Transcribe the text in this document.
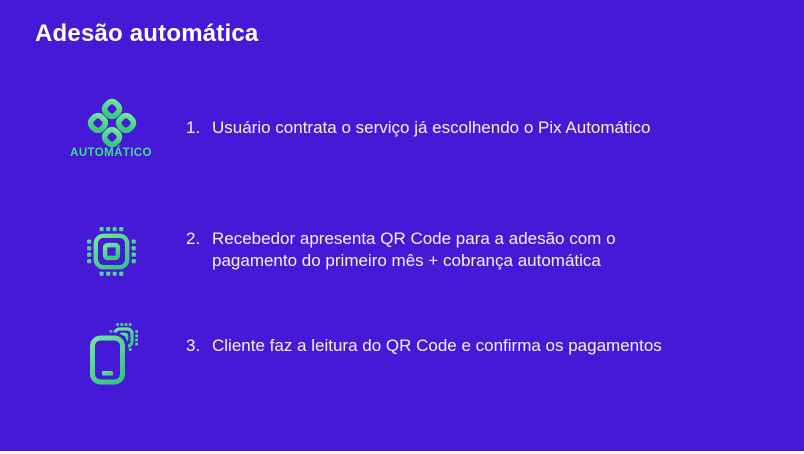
Adesão automática
AUTOMÁTICO
1. Usuário contrata o serviço já escolhendo o Pix Automático
2. Recebedor apresenta QR Code para a adesão com o pagamento do primeiro mês + cobrança automática
3. Cliente faz a leitura do QR Code e confirma os pagamentos
